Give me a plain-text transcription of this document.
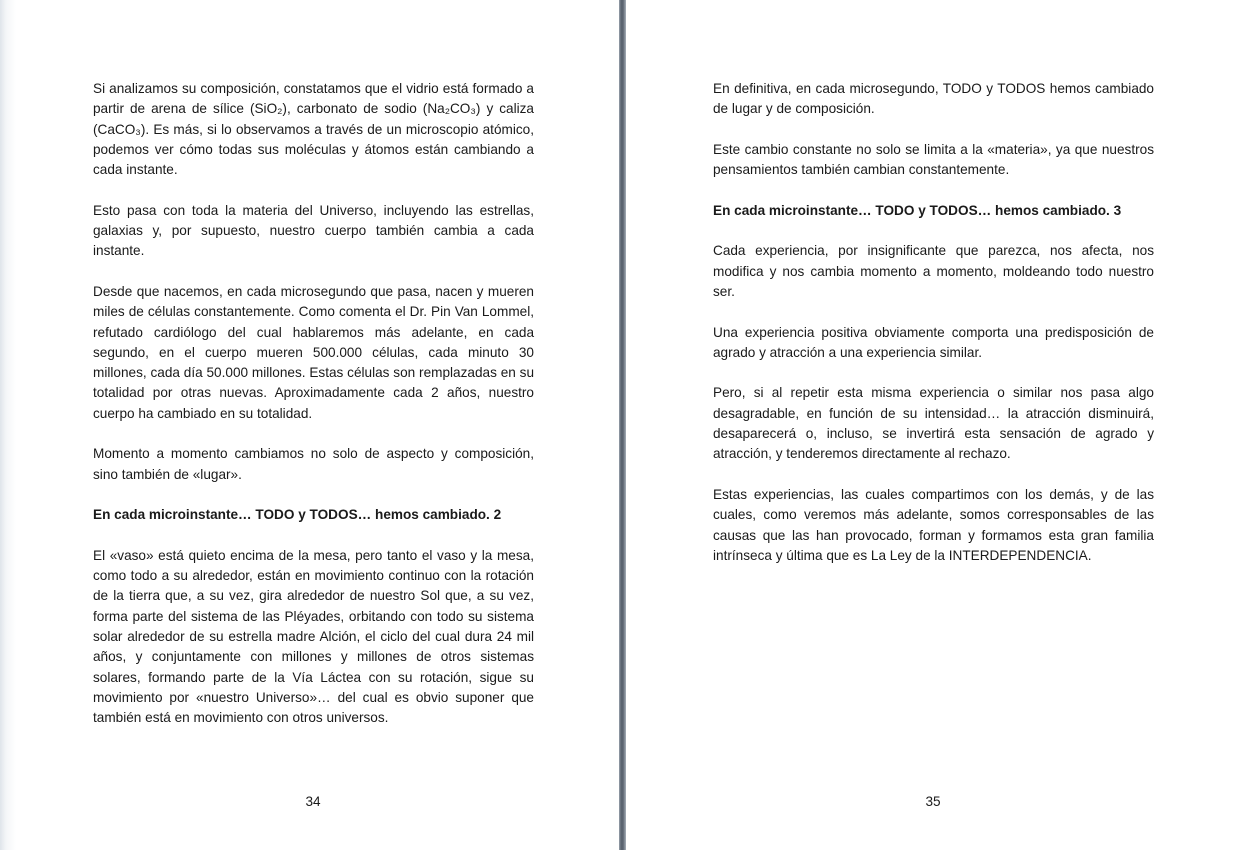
Si analizamos su composición, constatamos que el vidrio está formado a partir de arena de sílice (SiO₂), carbonato de sodio (Na₂CO₃) y caliza (CaCO₃). Es más, si lo observamos a través de un microscopio atómico, podemos ver cómo todas sus moléculas y átomos están cambiando a cada instante.

Esto pasa con toda la materia del Universo, incluyendo las estrellas, galaxias y, por supuesto, nuestro cuerpo también cambia a cada instante.

Desde que nacemos, en cada microsegundo que pasa, nacen y mueren miles de células constantemente. Como comenta el Dr. Pin Van Lommel, refutado cardiólogo del cual hablaremos más adelante, en cada segundo, en el cuerpo mueren 500.000 células, cada minuto 30 millones, cada día 50.000 millones. Estas células son remplazadas en su totalidad por otras nuevas. Aproximadamente cada 2 años, nuestro cuerpo ha cambiado en su totalidad.

Momento a momento cambiamos no solo de aspecto y composición, sino también de «lugar».

En cada microinstante… TODO y TODOS… hemos cambiado. 2

El «vaso» está quieto encima de la mesa, pero tanto el vaso y la mesa, como todo a su alrededor, están en movimiento continuo con la rotación de la tierra que, a su vez, gira alrededor de nuestro Sol que, a su vez, forma parte del sistema de las Pléyades, orbitando con todo su sistema solar alrededor de su estrella madre Alción, el ciclo del cual dura 24 mil años, y conjuntamente con millones y millones de otros sistemas solares, formando parte de la Vía Láctea con su rotación, sigue su movimiento por «nuestro Universo»… del cual es obvio suponer que también está en movimiento con otros universos.

34

En definitiva, en cada microsegundo, TODO y TODOS hemos cambiado de lugar y de composición.

Este cambio constante no solo se limita a la «materia», ya que nuestros pensamientos también cambian constantemente.

En cada microinstante… TODO y TODOS… hemos cambiado. 3

Cada experiencia, por insignificante que parezca, nos afecta, nos modifica y nos cambia momento a momento, moldeando todo nuestro ser.

Una experiencia positiva obviamente comporta una predisposición de agrado y atracción a una experiencia similar.

Pero, si al repetir esta misma experiencia o similar nos pasa algo desagradable, en función de su intensidad… la atracción disminuirá, desaparecerá o, incluso, se invertirá esta sensación de agrado y atracción, y tenderemos directamente al rechazo.

Estas experiencias, las cuales compartimos con los demás, y de las cuales, como veremos más adelante, somos corresponsables de las causas que las han provocado, forman y formamos esta gran familia intrínseca y última que es La Ley de la INTERDEPENDENCIA.

35
